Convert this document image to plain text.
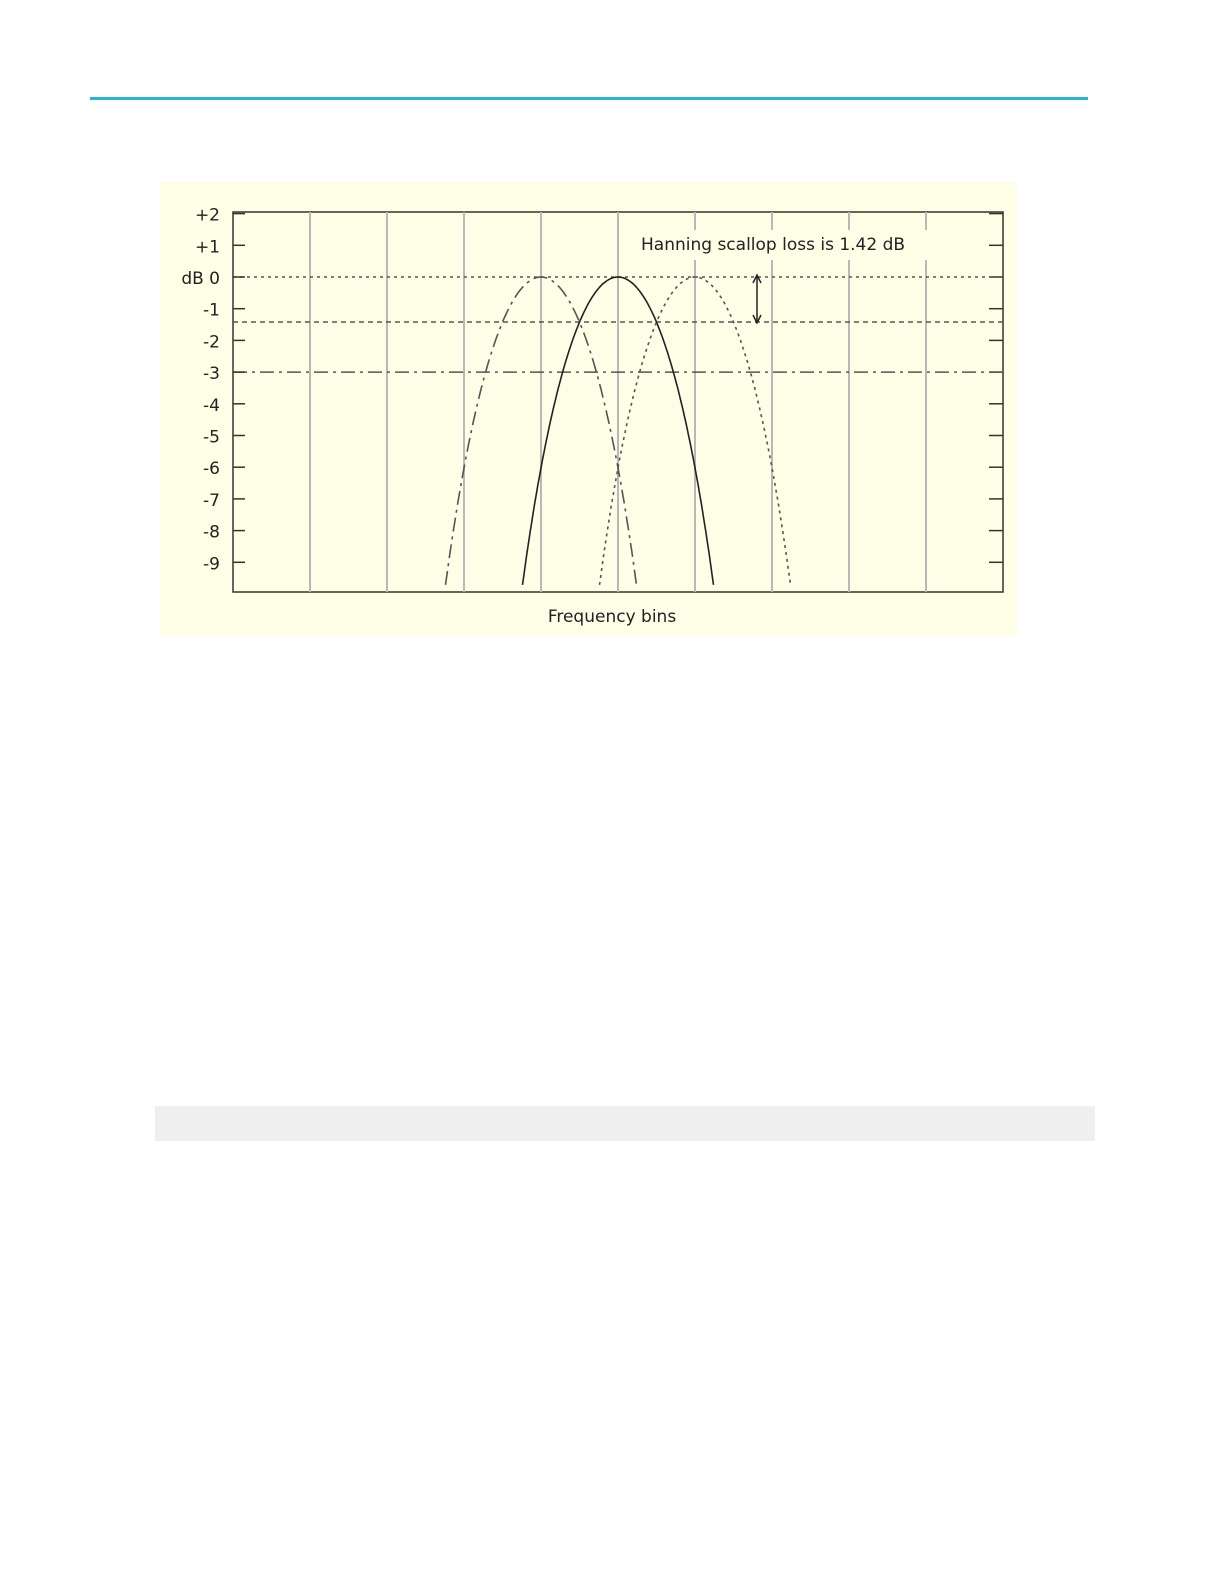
+2
+1
dB 0
-1
-2
-3
-4
-5
-6
-7
-8
-9
Hanning scallop loss is 1.42 dB
Frequency bins
